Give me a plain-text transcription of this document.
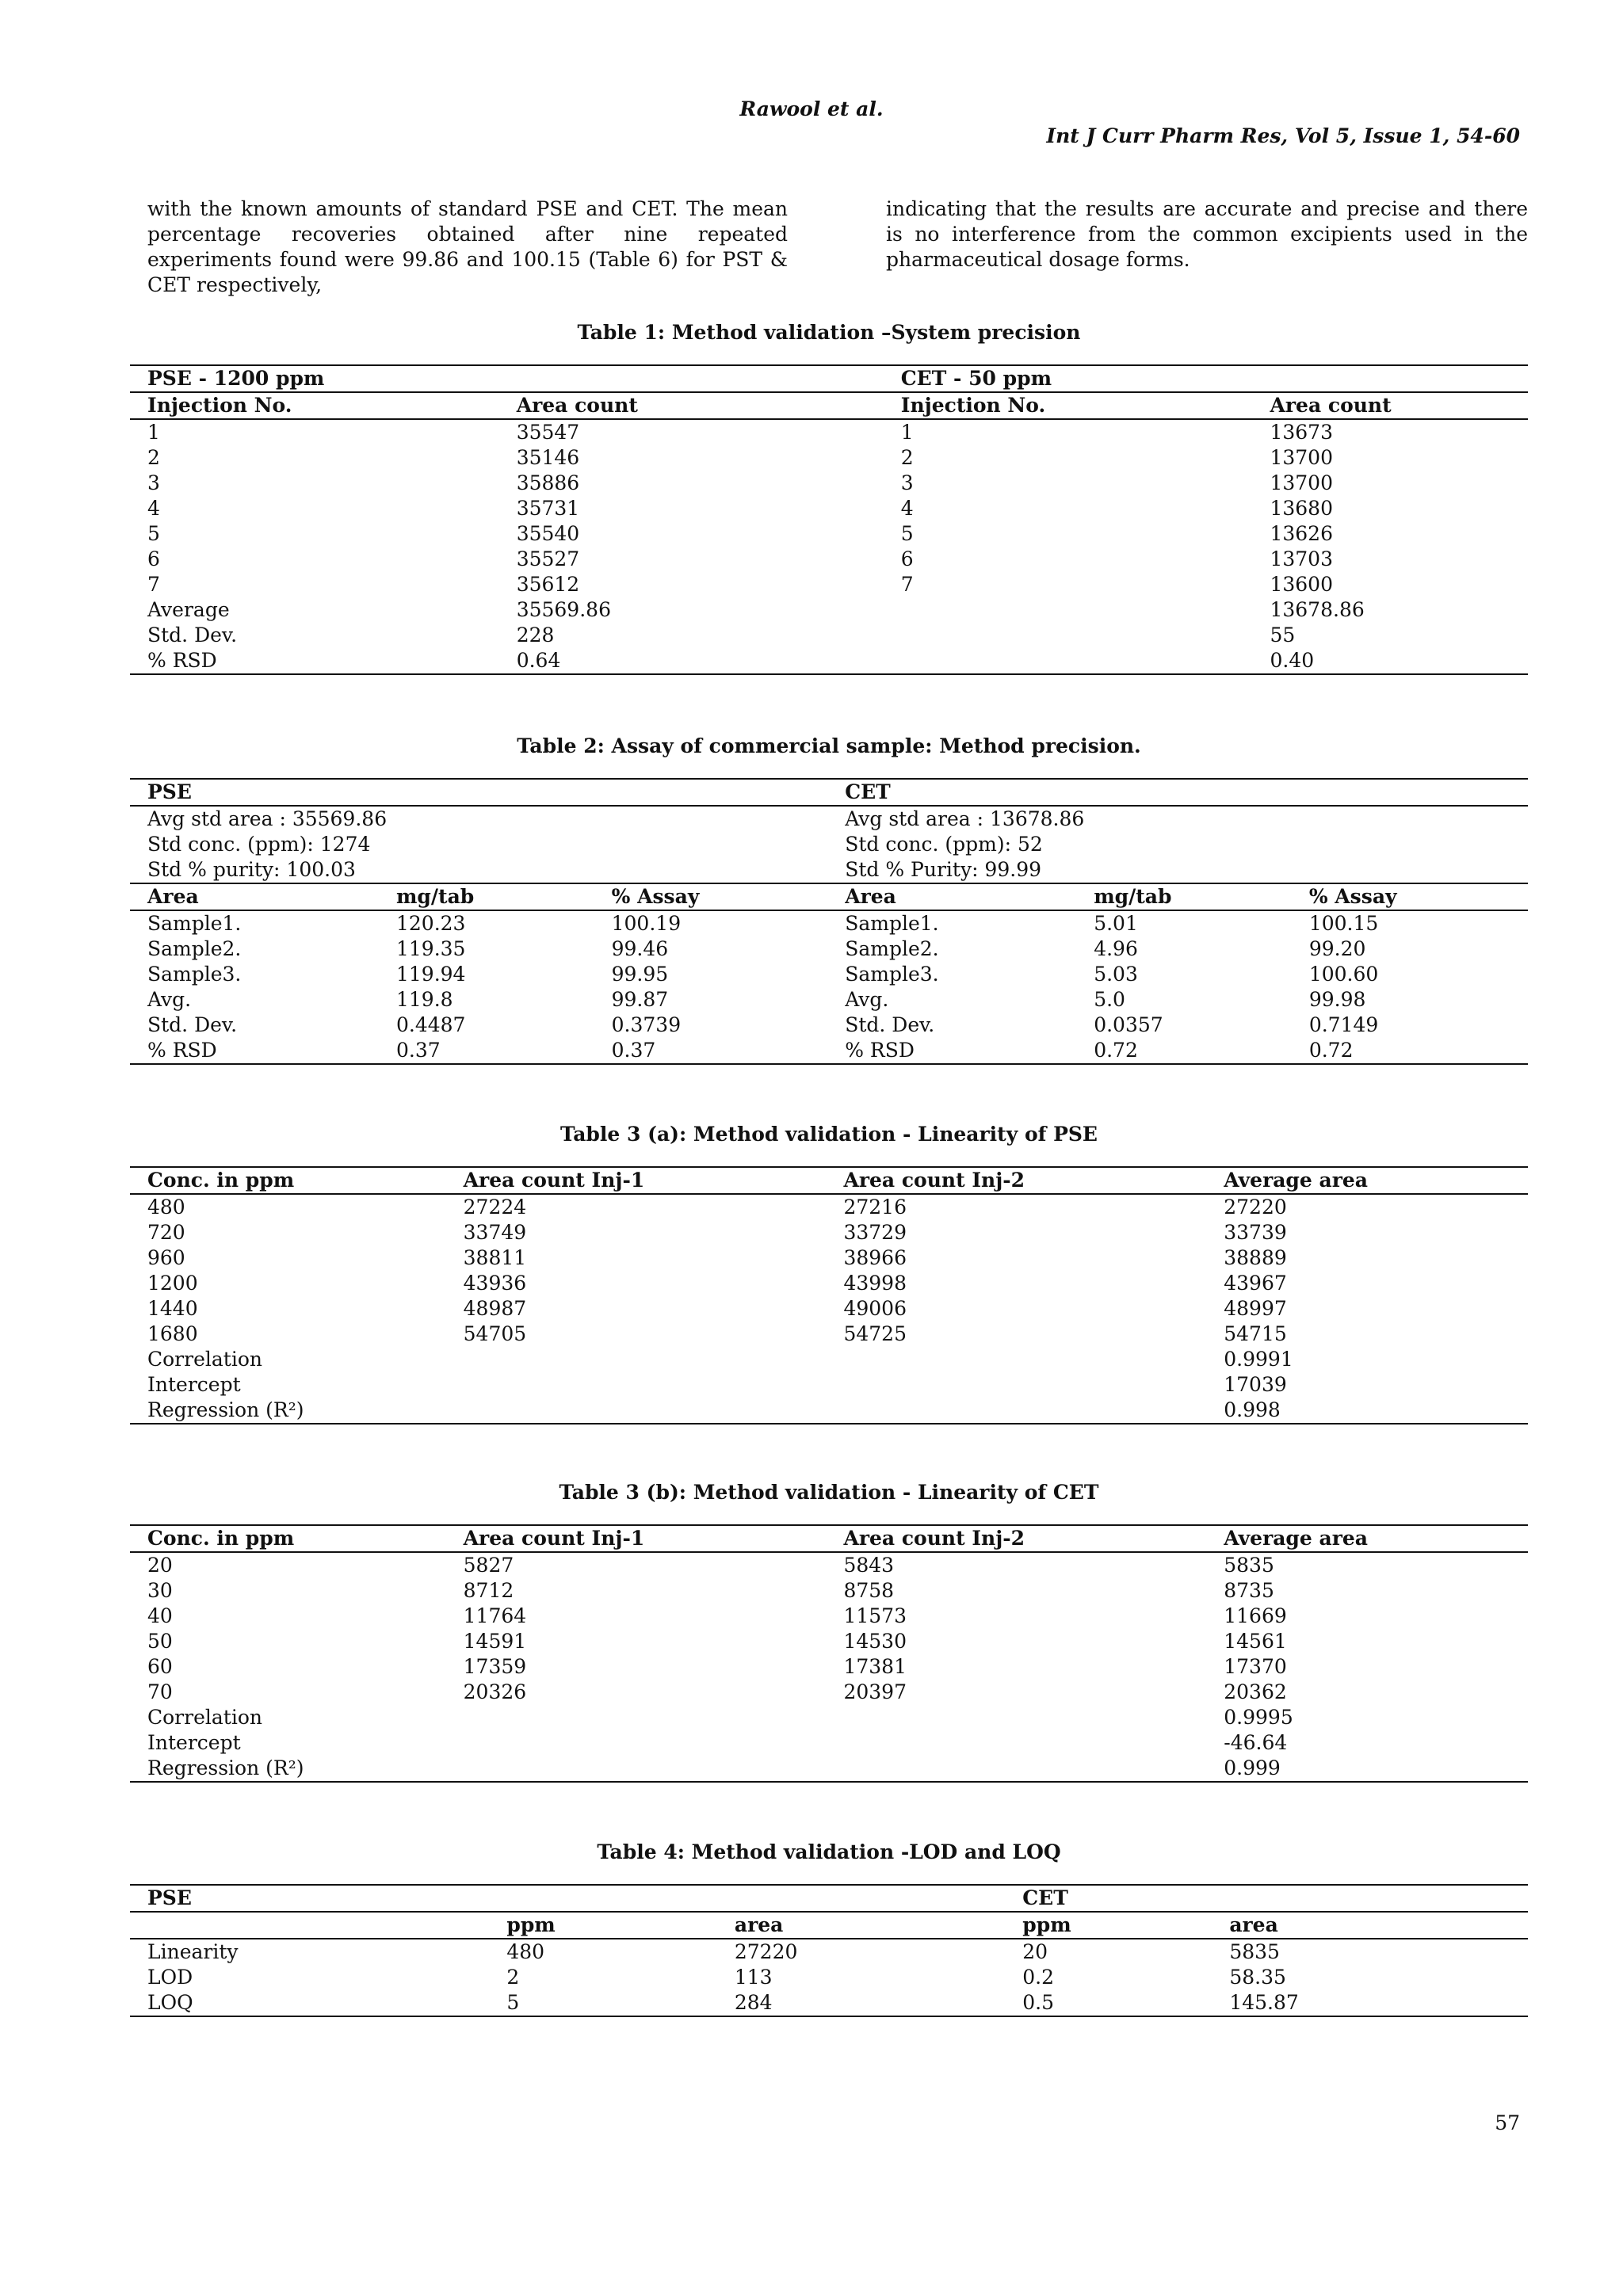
Rawool et al.
Int J Curr Pharm Res, Vol 5, Issue 1, 54-60

with the known amounts of standard PSE and CET. The mean percentage recoveries obtained after nine repeated experiments found were 99.86 and 100.15 (Table 6) for PST & CET respectively,

indicating that the results are accurate and precise and there is no interference from the common excipients used in the pharmaceutical dosage forms.

Table 1: Method validation –System precision
PSE - 1200 ppm		CET - 50 ppm	
Injection No.	Area count	Injection No.	Area count
1	35547	1	13673
2	35146	2	13700
3	35886	3	13700
4	35731	4	13680
5	35540	5	13626
6	35527	6	13703
7	35612	7	13600
Average	35569.86		13678.86
Std. Dev.	228		55
% RSD	0.64		0.40
Table 2: Assay of commercial sample: Method precision.
PSE			CET		
Avg std area : 35569.86			Avg std area : 13678.86		
Std conc. (ppm): 1274			Std conc. (ppm): 52		
Std % purity: 100.03			Std % Purity: 99.99		
Area	mg/tab	% Assay	Area	mg/tab	% Assay
Sample1.	120.23	100.19	Sample1.	5.01	100.15
Sample2.	119.35	99.46	Sample2.	4.96	99.20
Sample3.	119.94	99.95	Sample3.	5.03	100.60
Avg.	119.8	99.87	Avg.	5.0	99.98
Std. Dev.	0.4487	0.3739	Std. Dev.	0.0357	0.7149
% RSD	0.37	0.37	% RSD	0.72	0.72
Table 3 (a): Method validation - Linearity of PSE
Conc. in ppm	Area count Inj-1	Area count Inj-2	Average area
480	27224	27216	27220
720	33749	33729	33739
960	38811	38966	38889
1200	43936	43998	43967
1440	48987	49006	48997
1680	54705	54725	54715
Correlation			0.9991
Intercept			17039
Regression (R²)			0.998
Table 3 (b): Method validation - Linearity of CET
Conc. in ppm	Area count Inj-1	Area count Inj-2	Average area
20	5827	5843	5835
30	8712	8758	8735
40	11764	11573	11669
50	14591	14530	14561
60	17359	17381	17370
70	20326	20397	20362
Correlation			0.9995
Intercept			-46.64
Regression (R²)			0.999
Table 4: Method validation -LOD and LOQ
PSE			CET	
	ppm	area	ppm	area
Linearity	480	27220	20	5835
LOD	2	113	0.2	58.35
LOQ	5	284	0.5	145.87
57
